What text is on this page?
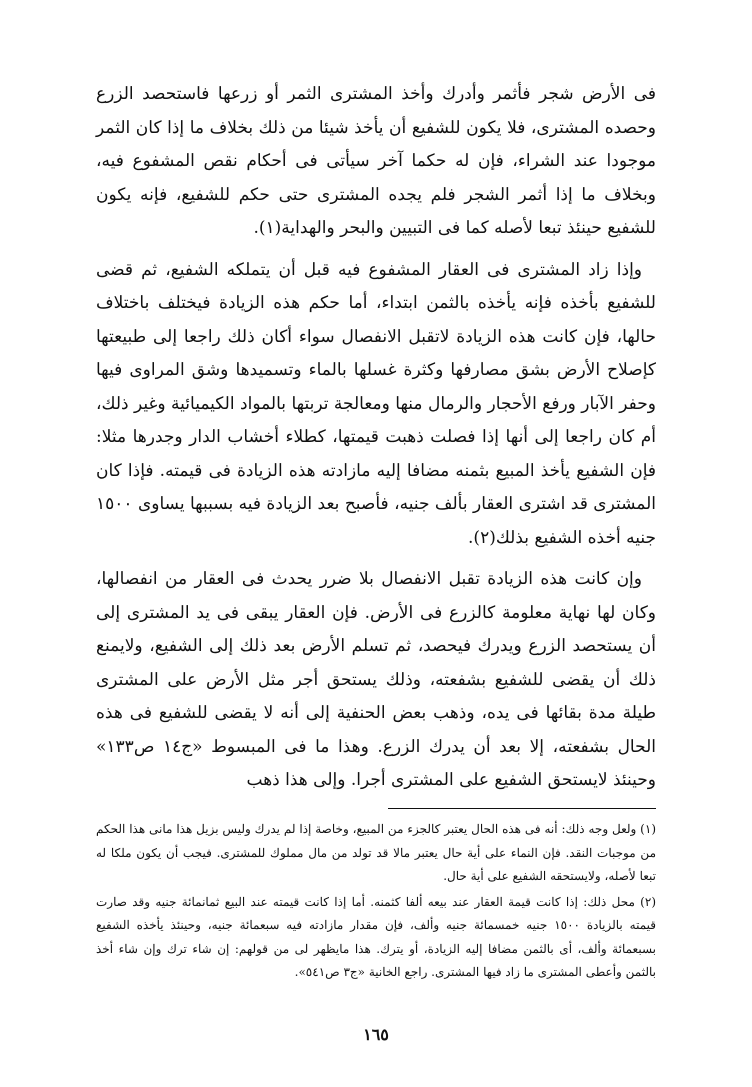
فى الأرض شجر فأثمر وأدرك وأخذ المشترى الثمر أو زرعها فاستحصد الزرع وحصده المشترى، فلا يكون للشفيع أن يأخذ شيئا من ذلك بخلاف ما إذا كان الثمر موجودا عند الشراء، فإن له حكما آخر سيأتى فى أحكام نقص المشفوع فيه، وبخلاف ما إذا أثمر الشجر فلم يجده المشترى حتى حكم للشفيع، فإنه يكون للشفيع حينئذ تبعا لأصله كما فى التبيين والبحر والهداية(١).

وإذا زاد المشترى فى العقار المشفوع فيه قبل أن يتملكه الشفيع، ثم قضى للشفيع بأخذه فإنه يأخذه بالثمن ابتداء، أما حكم هذه الزيادة فيختلف باختلاف حالها، فإن كانت هذه الزيادة لاتقبل الانفصال سواء أكان ذلك راجعا إلى طبيعتها كإصلاح الأرض بشق مصارفها وكثرة غسلها بالماء وتسميدها وشق المراوى فيها وحفر الآبار ورفع الأحجار والرمال منها ومعالجة تربتها بالمواد الكيميائية وغير ذلك، أم كان راجعا إلى أنها إذا فصلت ذهبت قيمتها، كطلاء أخشاب الدار وجدرها مثلا: فإن الشفيع يأخذ المبيع بثمنه مضافا إليه مازادته هذه الزيادة فى قيمته. فإذا كان المشترى قد اشترى العقار بألف جنيه، فأصبح بعد الزيادة فيه بسببها يساوى ١٥٠٠ جنيه أخذه الشفيع بذلك(٢).

وإن كانت هذه الزيادة تقبل الانفصال بلا ضرر يحدث فى العقار من انفصالها، وكان لها نهاية معلومة كالزرع فى الأرض. فإن العقار يبقى فى يد المشترى إلى أن يستحصد الزرع ويدرك فيحصد، ثم تسلم الأرض بعد ذلك إلى الشفيع، ولايمنع ذلك أن يقضى للشفيع بشفعته، وذلك يستحق أجر مثل الأرض على المشترى طيلة مدة بقائها فى يده، وذهب بعض الحنفية إلى أنه لا يقضى للشفيع فى هذه الحال بشفعته، إلا بعد أن يدرك الزرع. وهذا ما فى المبسوط «ج١٤ ص١٣٣» وحينئذ لايستحق الشفيع على المشترى أجرا. وإلى هذا ذهب

(١) ولعل وجه ذلك: أنه فى هذه الحال يعتبر كالجزء من المبيع، وخاصة إذا لم يدرك وليس بزيل هذا مانى هذا الحكم من موجبات النقد. فإن النماء على أية حال يعتبر مالا قد تولد من مال مملوك للمشترى. فيجب أن يكون ملكا له تبعا لأصله، ولايستحقه الشفيع على أية حال.

(٢) محل ذلك: إذا كانت قيمة العقار عند بيعه ألفا كثمنه. أما إذا كانت قيمته عند البيع ثمانمائة جنيه وقد صارت قيمته بالزيادة ١٥٠٠ جنيه خمسمائة جنيه وألف، فإن مقدار مازادته فيه سبعمائة جنيه، وحينئذ يأخذه الشفيع بسبعمائة وألف، أى بالثمن مضافا إليه الزيادة، أو يترك. هذا مايظهر لى من قولهم: إن شاء ترك وإن شاء أخذ بالثمن وأعطى المشترى ما زاد فيها المشترى. راجع الخانية «ج٣ ص٥٤١».

١٦٥
